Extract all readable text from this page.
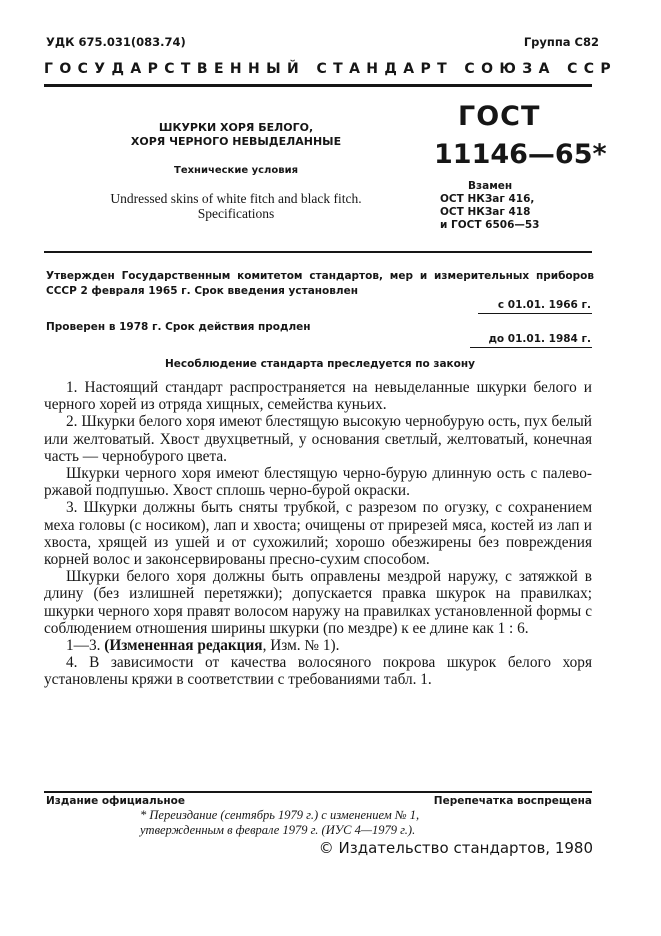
УДК 675.031(083.74)	Группа С82
ГОСУДАРСТВЕННЫЙ СТАНДАРТ СОЮЗА ССР
ШКУРКИ ХОРЯ БЕЛОГО,
ХОРЯ ЧЕРНОГО НЕВЫДЕЛАННЫЕ
Технические условия
Undressed skins of white fitch and black fitch.
Specifications
ГОСТ
11146—65*
Взамен
ОСТ НКЗаг 416,
ОСТ НКЗаг 418
и ГОСТ 6506—53
Утвержден Государственным комитетом стандартов, мер и измерительных приборов СССР 2 февраля 1965 г. Срок введения установлен
с 01.01. 1966 г.
Проверен в 1978 г. Срок действия продлен
до 01.01. 1984 г.
Несоблюдение стандарта преследуется по закону

1. Настоящий стандарт распространяется на невыделанные шкурки белого и черного хорей из отряда хищных, семейства куньих.

2. Шкурки белого хоря имеют блестящую высокую чернобурую ость, пух белый или желтоватый. Хвост двухцветный, у основания светлый, желтоватый, конечная часть — чернобурого цвета.

Шкурки черного хоря имеют блестящую черно-бурую длинную ость с палево-ржавой подпушью. Хвост сплошь черно-бурой окраски.

3. Шкурки должны быть сняты трубкой, с разрезом по огузку, с сохранением меха головы (с носиком), лап и хвоста; очищены от прирезей мяса, костей из лап и хвоста, хрящей из ушей и от сухожилий; хорошо обезжирены без повреждения корней волос и законсервированы пресно-сухим способом.

Шкурки белого хоря должны быть оправлены мездрой наружу, с затяжкой в длину (без излишней перетяжки); допускается правка шкурок на правилках; шкурки черного хоря правят волосом наружу на правилках установленной формы с соблюдением отношения ширины шкурки (по мездре) к ее длине как 1 : 6.

1—3. (Измененная редакция, Изм. № 1).

4. В зависимости от качества волосяного покрова шкурок белого хоря установлены кряжи в соответствии с требованиями табл. 1.

Издание официальное	Перепечатка воспрещена
* Переиздание (сентябрь 1979 г.) с изменением № 1,
утвержденным в феврале 1979 г. (ИУС 4—1979 г.).
© Издательство стандартов, 1980
